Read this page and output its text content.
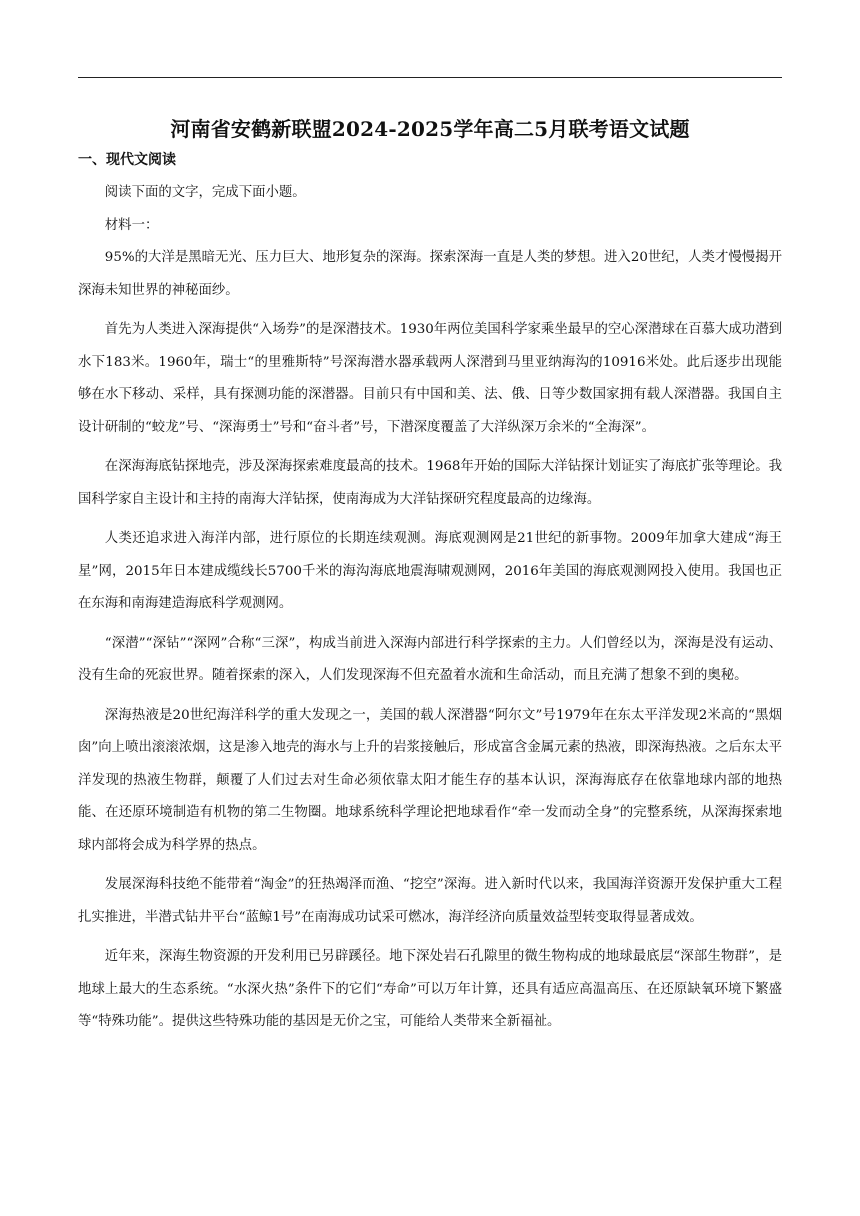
河南省安鹤新联盟2024-2025学年高二5月联考语文试题
一、现代文阅读

阅读下面的文字，完成下面小题。

材料一：

95%的大洋是黑暗无光、压力巨大、地形复杂的深海。探索深海一直是人类的梦想。进入20世纪，人类才慢慢揭开深海未知世界的神秘面纱。

首先为人类进入深海提供“入场券”的是深潜技术。1930年两位美国科学家乘坐最早的空心深潜球在百慕大成功潜到水下183米。1960年，瑞士“的里雅斯特”号深海潜水器承载两人深潜到马里亚纳海沟的10916米处。此后逐步出现能够在水下移动、采样，具有探测功能的深潜器。目前只有中国和美、法、俄、日等少数国家拥有载人深潜器。我国自主设计研制的“蛟龙”号、“深海勇士”号和“奋斗者”号，下潜深度覆盖了大洋纵深万余米的“全海深”。

在深海海底钻探地壳，涉及深海探索难度最高的技术。1968年开始的国际大洋钻探计划证实了海底扩张等理论。我国科学家自主设计和主持的南海大洋钻探，使南海成为大洋钻探研究程度最高的边缘海。

人类还追求进入海洋内部，进行原位的长期连续观测。海底观测网是21世纪的新事物。2009年加拿大建成“海王星”网，2015年日本建成缆线长5700千米的海沟海底地震海啸观测网，2016年美国的海底观测网投入使用。我国也正在东海和南海建造海底科学观测网。

“深潜”“深钻”“深网”合称“三深”，构成当前进入深海内部进行科学探索的主力。人们曾经以为，深海是没有运动、没有生命的死寂世界。随着探索的深入，人们发现深海不但充盈着水流和生命活动，而且充满了想象不到的奥秘。

深海热液是20世纪海洋科学的重大发现之一，美国的载人深潜器“阿尔文”号1979年在东太平洋发现2米高的“黑烟囱”向上喷出滚滚浓烟，这是渗入地壳的海水与上升的岩浆接触后，形成富含金属元素的热液，即深海热液。之后东太平洋发现的热液生物群，颠覆了人们过去对生命必须依靠太阳才能生存的基本认识，深海海底存在依靠地球内部的地热能、在还原环境制造有机物的第二生物圈。地球系统科学理论把地球看作“牵一发而动全身”的完整系统，从深海探索地球内部将会成为科学界的热点。

发展深海科技绝不能带着“淘金”的狂热竭泽而渔、“挖空”深海。进入新时代以来，我国海洋资源开发保护重大工程扎实推进，半潜式钻井平台“蓝鲸1号”在南海成功试采可燃冰，海洋经济向质量效益型转变取得显著成效。

近年来，深海生物资源的开发利用已另辟蹊径。地下深处岩石孔隙里的微生物构成的地球最底层“深部生物群”，是地球上最大的生态系统。“水深火热”条件下的它们“寿命”可以万年计算，还具有适应高温高压、在还原缺氧环境下繁盛等“特殊功能”。提供这些特殊功能的基因是无价之宝，可能给人类带来全新福祉。
